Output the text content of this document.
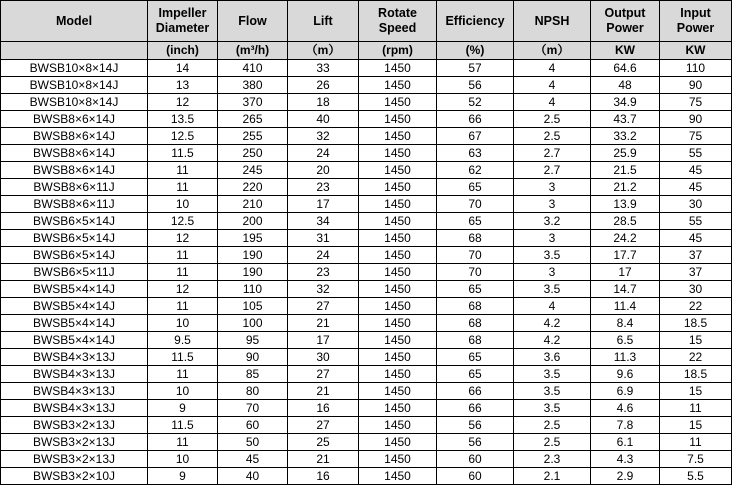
Model	Impeller Diameter	Flow	Lift	Rotate Speed	Efficiency	NPSH	Output Power	Input Power
	(inch)	(m³/h)	（m）	(rpm)	(%)	（m）	KW	KW
BWSB10×8×14J	14	410	33	1450	57	4	64.6	110
BWSB10×8×14J	13	380	26	1450	56	4	48	90
BWSB10×8×14J	12	370	18	1450	52	4	34.9	75
BWSB8×6×14J	13.5	265	40	1450	66	2.5	43.7	90
BWSB8×6×14J	12.5	255	32	1450	67	2.5	33.2	75
BWSB8×6×14J	11.5	250	24	1450	63	2.7	25.9	55
BWSB8×6×14J	11	245	20	1450	62	2.7	21.5	45
BWSB8×6×11J	11	220	23	1450	65	3	21.2	45
BWSB8×6×11J	10	210	17	1450	70	3	13.9	30
BWSB6×5×14J	12.5	200	34	1450	65	3.2	28.5	55
BWSB6×5×14J	12	195	31	1450	68	3	24.2	45
BWSB6×5×14J	11	190	24	1450	70	3.5	17.7	37
BWSB6×5×11J	11	190	23	1450	70	3	17	37
BWSB5×4×14J	12	110	32	1450	65	3.5	14.7	30
BWSB5×4×14J	11	105	27	1450	68	4	11.4	22
BWSB5×4×14J	10	100	21	1450	68	4.2	8.4	18.5
BWSB5×4×14J	9.5	95	17	1450	68	4.2	6.5	15
BWSB4×3×13J	11.5	90	30	1450	65	3.6	11.3	22
BWSB4×3×13J	11	85	27	1450	65	3.5	9.6	18.5
BWSB4×3×13J	10	80	21	1450	66	3.5	6.9	15
BWSB4×3×13J	9	70	16	1450	66	3.5	4.6	11
BWSB3×2×13J	11.5	60	27	1450	56	2.5	7.8	15
BWSB3×2×13J	11	50	25	1450	56	2.5	6.1	11
BWSB3×2×13J	10	45	21	1450	60	2.3	4.3	7.5
BWSB3×2×10J	9	40	16	1450	60	2.1	2.9	5.5
